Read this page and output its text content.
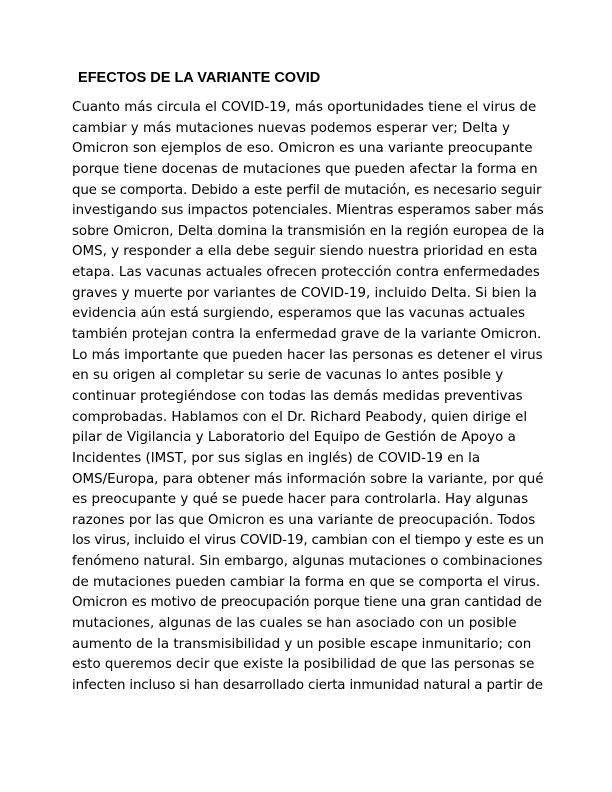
EFECTOS DE LA VARIANTE COVID
Cuanto más circula el COVID-19, más oportunidades tiene el virus de
cambiar y más mutaciones nuevas podemos esperar ver; Delta y
Omicron son ejemplos de eso. Omicron es una variante preocupante
porque tiene docenas de mutaciones que pueden afectar la forma en
que se comporta. Debido a este perfil de mutación, es necesario seguir
investigando sus impactos potenciales. Mientras esperamos saber más
sobre Omicron, Delta domina la transmisión en la región europea de la
OMS, y responder a ella debe seguir siendo nuestra prioridad en esta
etapa. Las vacunas actuales ofrecen protección contra enfermedades
graves y muerte por variantes de COVID-19, incluido Delta. Si bien la
evidencia aún está surgiendo, esperamos que las vacunas actuales
también protejan contra la enfermedad grave de la variante Omicron.
Lo más importante que pueden hacer las personas es detener el virus
en su origen al completar su serie de vacunas lo antes posible y
continuar protegiéndose con todas las demás medidas preventivas
comprobadas. Hablamos con el Dr. Richard Peabody, quien dirige el
pilar de Vigilancia y Laboratorio del Equipo de Gestión de Apoyo a
Incidentes (IMST, por sus siglas en inglés) de COVID-19 en la
OMS/Europa, para obtener más información sobre la variante, por qué
es preocupante y qué se puede hacer para controlarla. Hay algunas
razones por las que Omicron es una variante de preocupación. Todos
los virus, incluido el virus COVID-19, cambian con el tiempo y este es un
fenómeno natural. Sin embargo, algunas mutaciones o combinaciones
de mutaciones pueden cambiar la forma en que se comporta el virus.
Omicron es motivo de preocupación porque tiene una gran cantidad de
mutaciones, algunas de las cuales se han asociado con un posible
aumento de la transmisibilidad y un posible escape inmunitario; con
esto queremos decir que existe la posibilidad de que las personas se
infecten incluso si han desarrollado cierta inmunidad natural a partir de
